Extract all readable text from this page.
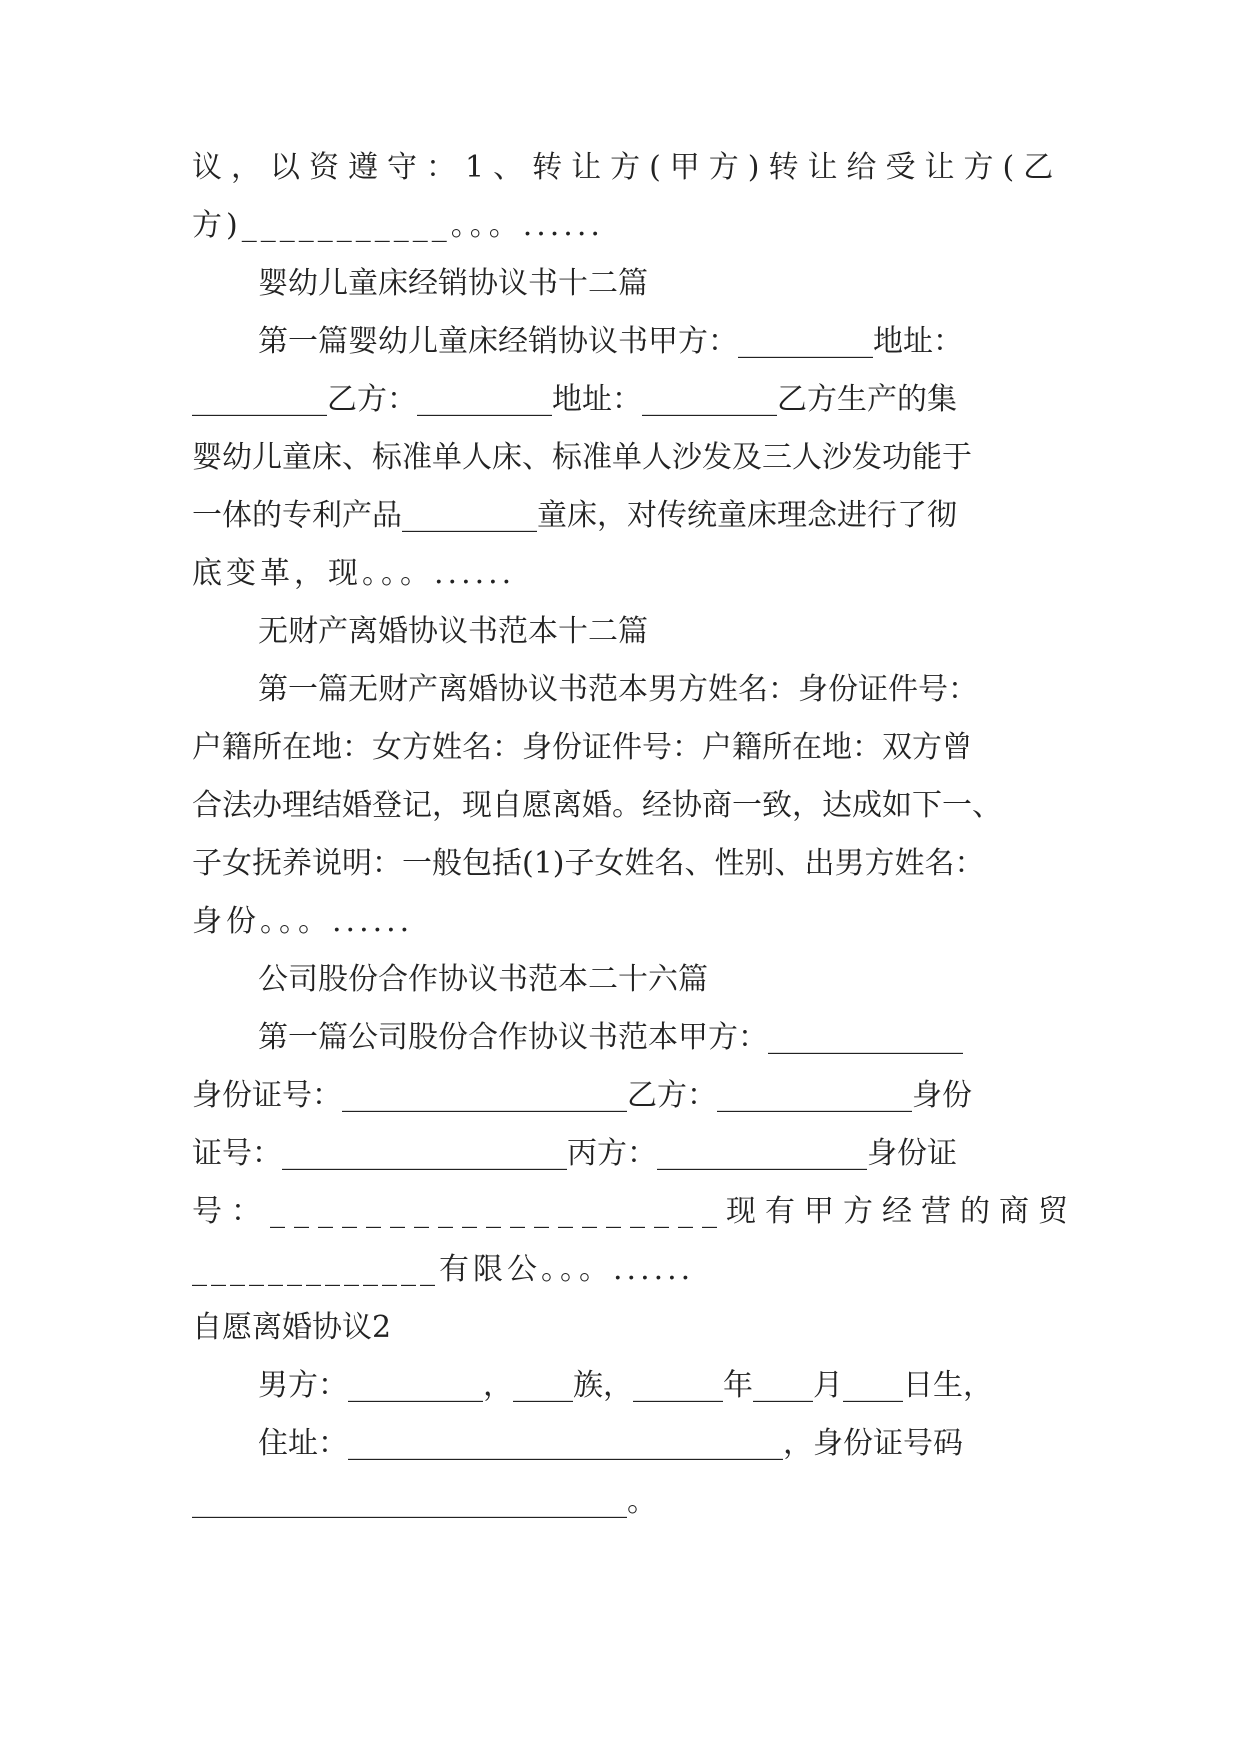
议，以资遵守：1、转让方(甲方)转让给受让方(乙
方)___________。。。......
婴幼儿童床经销协议书十二篇
第一篇婴幼儿童床经销协议书甲方：_________地址：
_________乙方：_________地址：_________乙方生产的集
婴幼儿童床、标准单人床、标准单人沙发及三人沙发功能于
一体的专利产品_________童床，对传统童床理念进行了彻
底变革，现。。。......
无财产离婚协议书范本十二篇
第一篇无财产离婚协议书范本男方姓名：身份证件号：
户籍所在地：女方姓名：身份证件号：户籍所在地：双方曾
合法办理结婚登记，现自愿离婚。经协商一致，达成如下一、
子女抚养说明：一般包括(1)子女姓名、性别、出男方姓名：
身份。。。......
公司股份合作协议书范本二十六篇
第一篇公司股份合作协议书范本甲方：_____________
身份证号：___________________乙方：_____________身份
证号：___________________丙方：______________身份证
号：___________________现有甲方经营的商贸
_____________有限公。。。......
自愿离婚协议2
男方：_________，____族，______年____月____日生，
住址：_____________________________，身份证号码
_____________________________。
